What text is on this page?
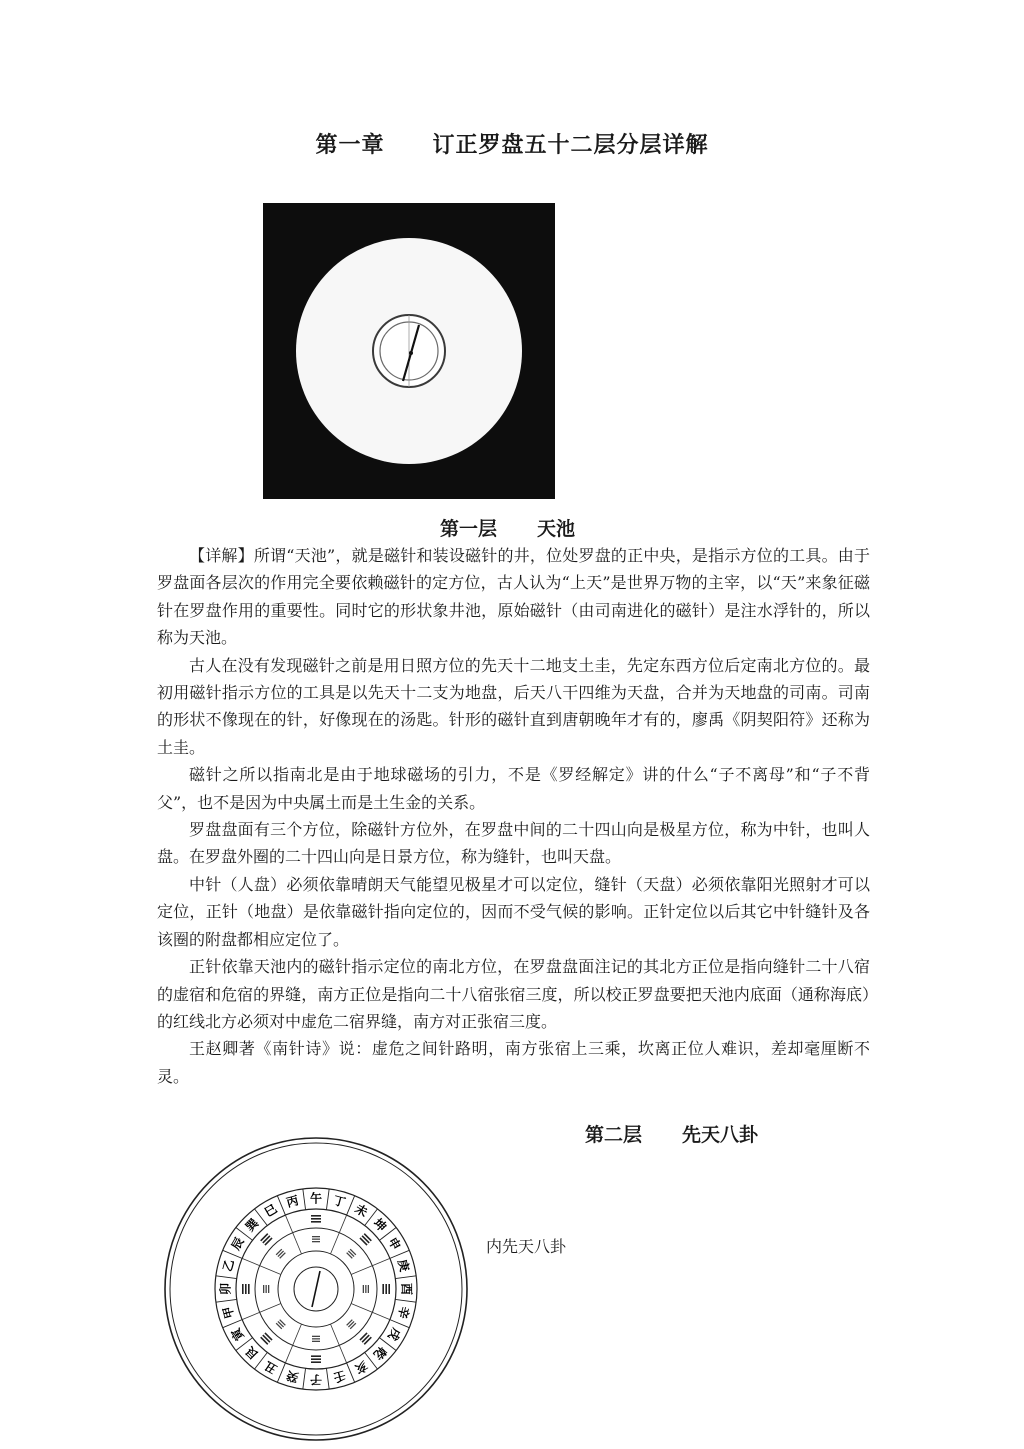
第一章 订正罗盘五十二层分层详解
第一层 天池

【详解】所谓“天池”，就是磁针和装设磁针的井，位处罗盘的正中央，是指示方位的工具。由于罗盘面各层次的作用完全要依赖磁针的定方位，古人认为“上天”是世界万物的主宰，以“天”来象征磁针在罗盘作用的重要性。同时它的形状象井池，原始磁针（由司南进化的磁针）是注水浮针的，所以称为天池。

古人在没有发现磁针之前是用日照方位的先天十二地支土圭，先定东西方位后定南北方位的。最初用磁针指示方位的工具是以先天十二支为地盘，后天八干四维为天盘，合并为天地盘的司南。司南的形状不像现在的针，好像现在的汤匙。针形的磁针直到唐朝晚年才有的，廖禹《阴契阳符》还称为土圭。

磁针之所以指南北是由于地球磁场的引力，不是《罗经解定》讲的什么“子不离母”和“子不背父”，也不是因为中央属土而是土生金的关系。

罗盘盘面有三个方位，除磁针方位外，在罗盘中间的二十四山向是极星方位，称为中针，也叫人盘。在罗盘外圈的二十四山向是日景方位，称为缝针，也叫天盘。

中针（人盘）必须依靠晴朗天气能望见极星才可以定位，缝针（天盘）必须依靠阳光照射才可以定位，正针（地盘）是依靠磁针指向定位的，因而不受气候的影响。正针定位以后其它中针缝针及各该圈的附盘都相应定位了。

正针依靠天池内的磁针指示定位的南北方位，在罗盘盘面注记的其北方正位是指向缝针二十八宿的虚宿和危宿的界缝，南方正位是指向二十八宿张宿三度，所以校正罗盘要把天池内底面（通称海底）的红线北方必须对中虚危二宿界缝，南方对正张宿三度。

王赵卿著《南针诗》说：虚危之间针路明，南方张宿上三乘，坎离正位人难识，差却毫厘断不灵。

第二层 先天八卦
午 丁 未
坤
申
庚
酉
辛
戌
乾
亥
壬
子
癸
丑
艮
寅
甲
卯
乙
辰
巽
巳 丙
内先天八卦
